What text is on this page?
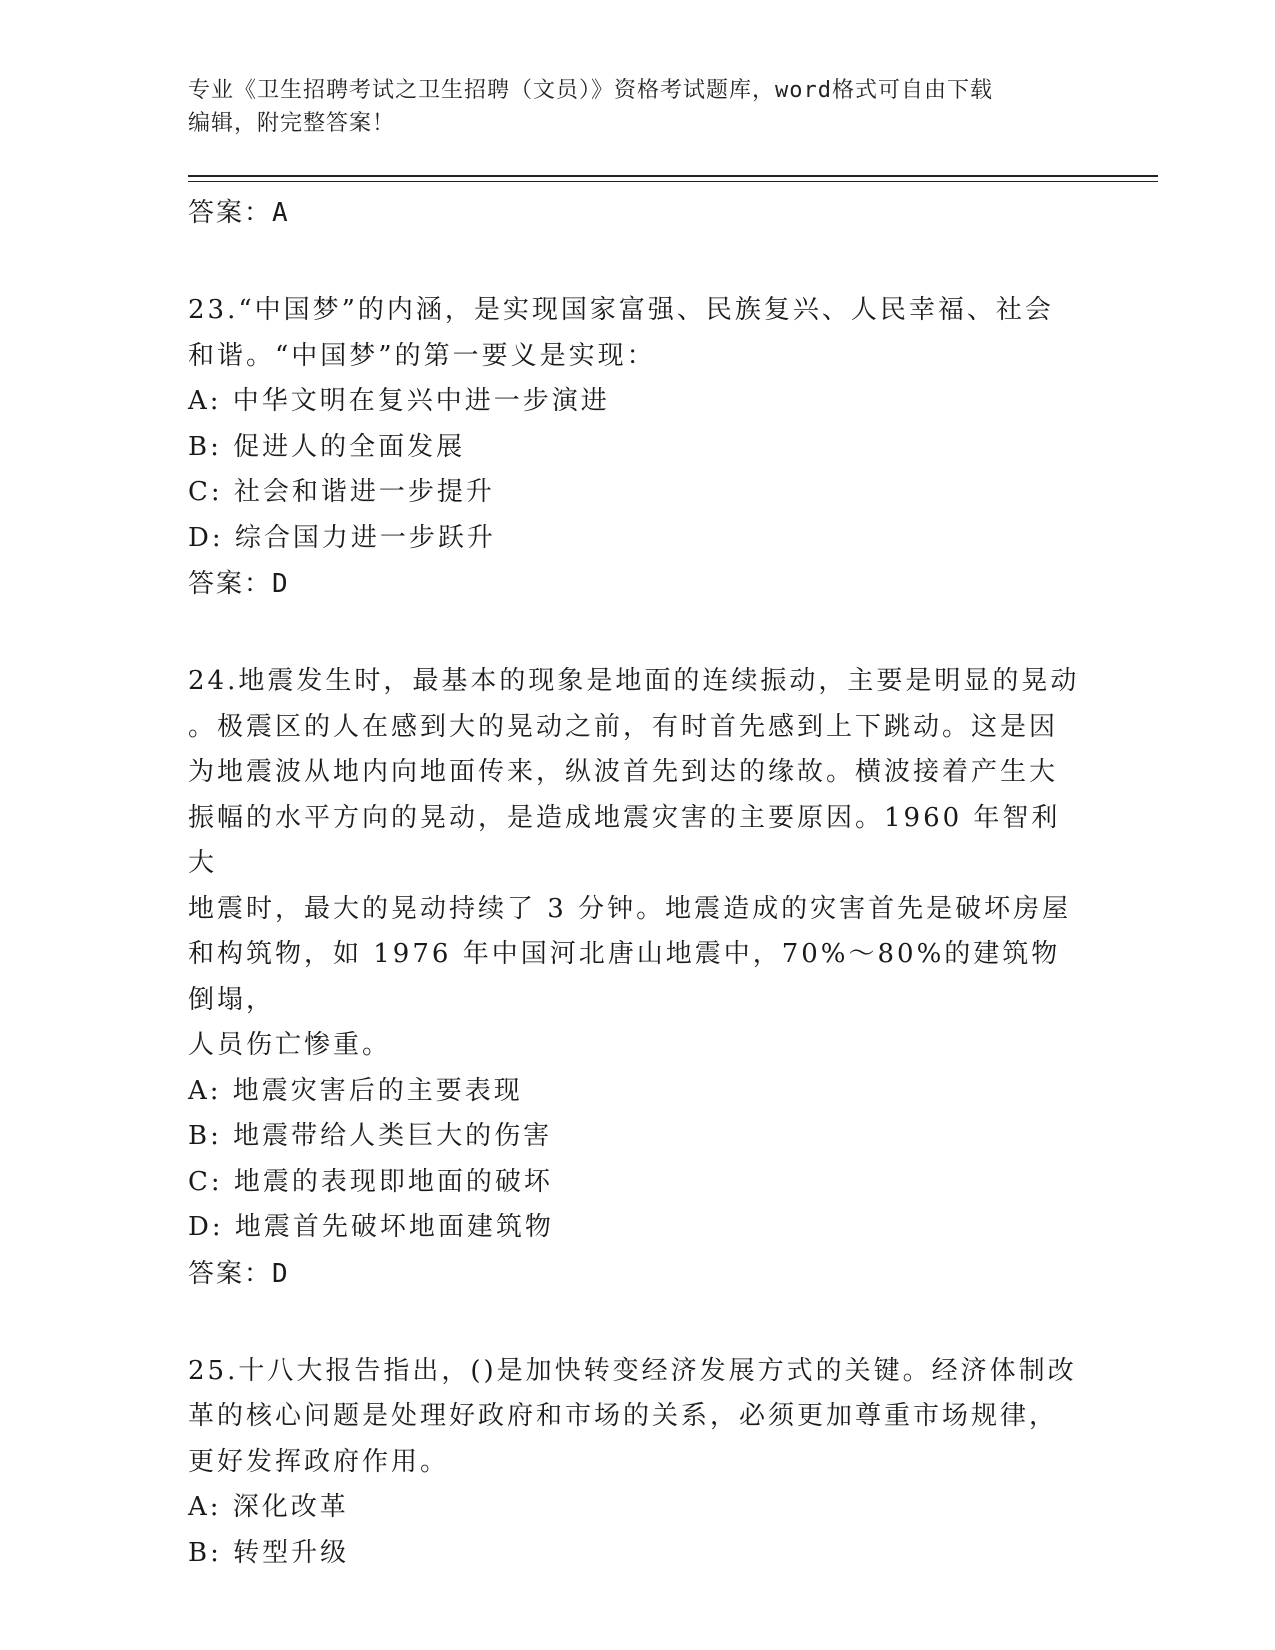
专业《卫生招聘考试之卫生招聘（文员）》资格考试题库，word格式可自由下载
编辑，附完整答案！

答案：A

23.“中国梦”的内涵，是实现国家富强、民族复兴、人民幸福、社会

和谐。“中国梦”的第一要义是实现：

A: 中华文明在复兴中进一步演进

B: 促进人的全面发展

C: 社会和谐进一步提升

D: 综合国力进一步跃升

答案：D

24.地震发生时，最基本的现象是地面的连续振动，主要是明显的晃动

。极震区的人在感到大的晃动之前，有时首先感到上下跳动。这是因

为地震波从地内向地面传来，纵波首先到达的缘故。横波接着产生大

振幅的水平方向的晃动，是造成地震灾害的主要原因。1960 年智利大

地震时，最大的晃动持续了 3 分钟。地震造成的灾害首先是破坏房屋

和构筑物，如 1976 年中国河北唐山地震中，70%～80%的建筑物倒塌，

人员伤亡惨重。

A: 地震灾害后的主要表现

B: 地震带给人类巨大的伤害

C: 地震的表现即地面的破坏

D: 地震首先破坏地面建筑物

答案：D

25.十八大报告指出，()是加快转变经济发展方式的关键。经济体制改

革的核心问题是处理好政府和市场的关系，必须更加尊重市场规律，

更好发挥政府作用。

A: 深化改革

B: 转型升级
